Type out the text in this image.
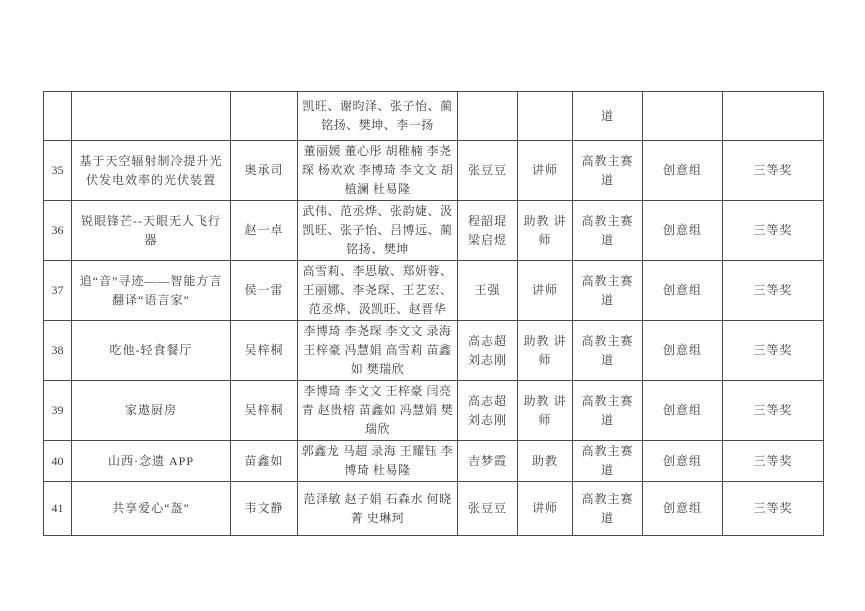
			凯旺、谢昀泽、张子怡、蔺铭扬、樊坤、李一扬			道		
35	基于天空辐射制冷提升光伏发电效率的光伏装置	奥承司	董丽媛 董心彤 胡稚楠 李尧琛 杨欢欢 李博琦 李文文 胡植澜 杜易隆	张豆豆	讲师	高教主赛道	创意组	三等奖
36	锐眼锋芒--天眼无人飞行器	赵一卓	武伟、范丞烨、张韵婕、汲凯旺、张子怡、吕博远、蔺铭扬、樊坤	程韶琨 梁启煜	助教 讲师	高教主赛道	创意组	三等奖
37	追“音”寻迹——智能方言翻译“语言家”	侯一雷	高雪莉、李思敏、郑妍蓉、王丽娜、李尧琛、王艺宏、范丞烨、汲凯旺、赵晋华	王强	讲师	高教主赛道	创意组	三等奖
38	吃他-轻食餐厅	吴梓桐	李博琦 李尧琛 李文文 录海 王梓豪 冯慧娟 高雪莉 苗鑫如 樊瑞欣	高志超 刘志刚	助教 讲师	高教主赛道	创意组	三等奖
39	家遨厨房	吴梓桐	李博琦 李文文 王梓豪 闫亮青 赵贵榕 苗鑫如 冯慧娟 樊瑞欣	高志超 刘志刚	助教 讲师	高教主赛道	创意组	三等奖
40	山西·念遗 APP	苗鑫如	郭鑫龙 马超 录海 王耀钰 李博琦 杜易隆	吉梦霞	助教	高教主赛道	创意组	三等奖
41	共享爱心“盔”	韦文静	范泽敏 赵子娟 石森水 何晓菁 史琳珂	张豆豆	讲师	高教主赛道	创意组	三等奖
